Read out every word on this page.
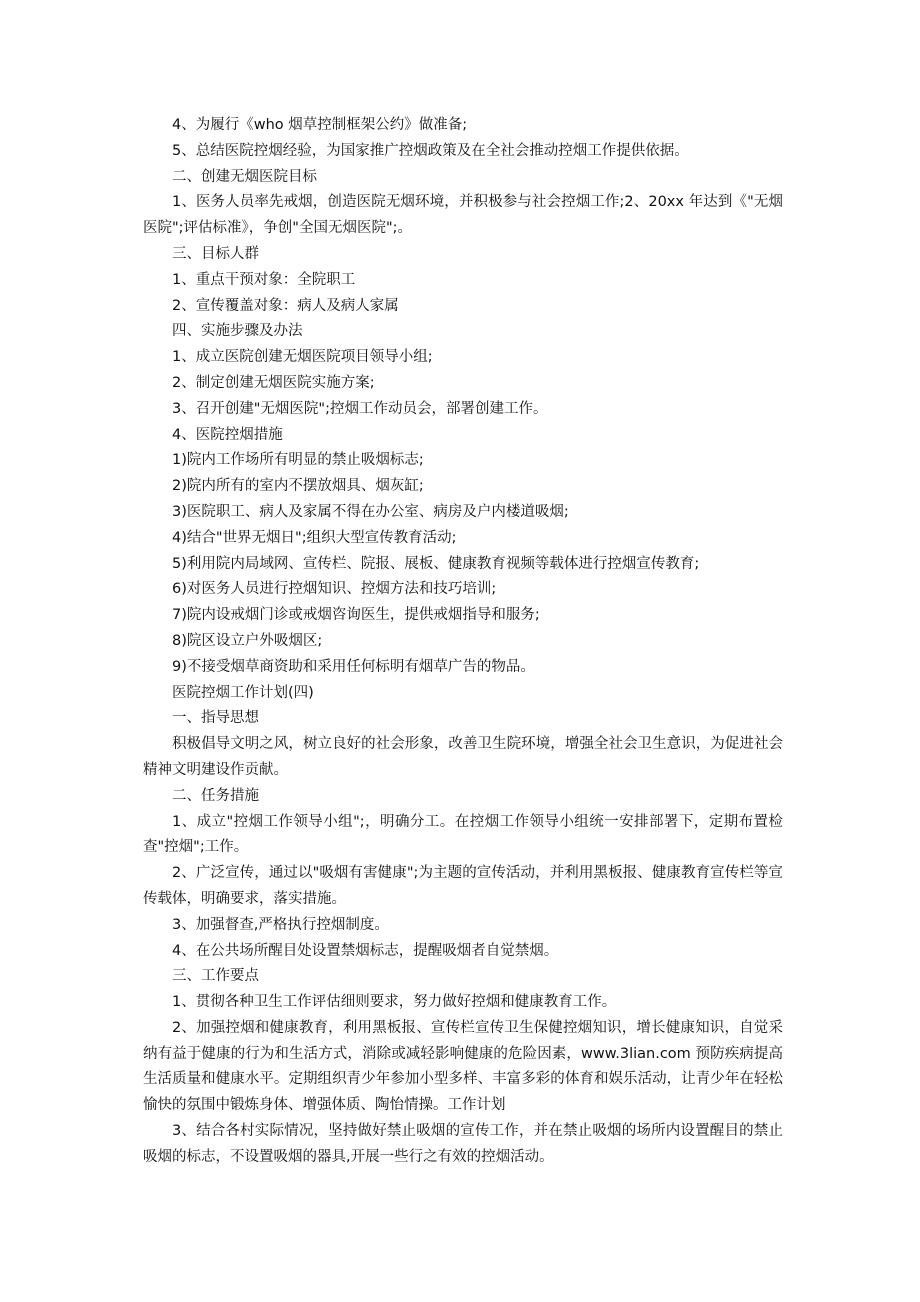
4、为履行《who 烟草控制框架公约》做准备;

5、总结医院控烟经验，为国家推广控烟政策及在全社会推动控烟工作提供依据。

二、创建无烟医院目标

1、医务人员率先戒烟，创造医院无烟环境，并积极参与社会控烟工作;2、20xx 年达到《"无烟医院";评估标准》，争创"全国无烟医院";。

三、目标人群

1、重点干预对象：全院职工

2、宣传覆盖对象：病人及病人家属

四、实施步骤及办法

1、成立医院创建无烟医院项目领导小组;

2、制定创建无烟医院实施方案;

3、召开创建"无烟医院";控烟工作动员会，部署创建工作。

4、医院控烟措施

1)院内工作场所有明显的禁止吸烟标志;

2)院内所有的室内不摆放烟具、烟灰缸;

3)医院职工、病人及家属不得在办公室、病房及户内楼道吸烟;

4)结合"世界无烟日";组织大型宣传教育活动;

5)利用院内局域网、宣传栏、院报、展板、健康教育视频等载体进行控烟宣传教育;

6)对医务人员进行控烟知识、控烟方法和技巧培训;

7)院内设戒烟门诊或戒烟咨询医生，提供戒烟指导和服务;

8)院区设立户外吸烟区;

9)不接受烟草商资助和采用任何标明有烟草广告的物品。

医院控烟工作计划(四)

一、指导思想

积极倡导文明之风，树立良好的社会形象，改善卫生院环境，增强全社会卫生意识，为促进社会精神文明建设作贡献。

二、任务措施

1、成立"控烟工作领导小组";，明确分工。在控烟工作领导小组统一安排部署下，定期布置检查"控烟";工作。

2、广泛宣传，通过以"吸烟有害健康";为主题的宣传活动，并利用黑板报、健康教育宣传栏等宣传载体，明确要求，落实措施。

3、加强督查,严格执行控烟制度。

4、在公共场所醒目处设置禁烟标志，提醒吸烟者自觉禁烟。

三、工作要点

1、贯彻各种卫生工作评估细则要求，努力做好控烟和健康教育工作。

2、加强控烟和健康教育，利用黑板报、宣传栏宣传卫生保健控烟知识，增长健康知识，自觉采纳有益于健康的行为和生活方式，消除或减轻影响健康的危险因素，www.3lian.com 预防疾病提高生活质量和健康水平。定期组织青少年参加小型多样、丰富多彩的体育和娱乐活动，让青少年在轻松愉快的氛围中锻炼身体、增强体质、陶怡情操。工作计划

3、结合各村实际情况，坚持做好禁止吸烟的宣传工作，并在禁止吸烟的场所内设置醒目的禁止吸烟的标志，不设置吸烟的器具,开展一些行之有效的控烟活动。
